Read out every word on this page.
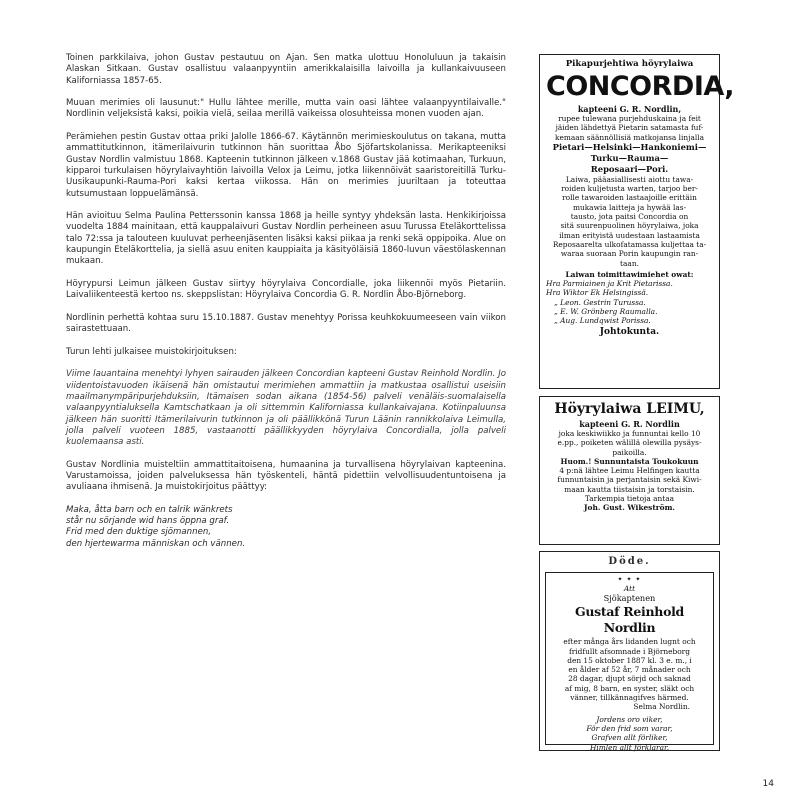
Toinen parkkilaiva, johon Gustav pestautuu on Ajan. Sen matka ulottuu Honoluluun ja takaisin Alaskan Sitkaan. Gustav osallistuu valaanpyyntiin amerikkalaisilla laivoilla ja kullankaivuuseen Kaliforniassa 1857-65.

Muuan merimies oli lausunut:" Hullu lähtee merille, mutta vain oasi lähtee valaanpyyntilaivalle." Nordlinin veljeksistä kaksi, poikia vielä, seilaa merillä vaikeissa olosuhteissa monen vuoden ajan.

Perämiehen pestin Gustav ottaa priki Jalolle 1866-67. Käytännön merimieskoulutus on takana, mutta ammattitutkinnon, itämerilaivurin tutkinnon hän suorittaa Åbo Sjöfartskolanissa. Merikapteeniksi Gustav Nordlin valmistuu 1868. Kapteenin tutkinnon jälkeen v.1868 Gustav jää kotimaahan, Turkuun, kipparoi turkulaisen höyrylaivayhtiön laivoilla Velox ja Leimu, jotka liikennöivät saaristoreitillä Turku-Uusikaupunki-Rauma-Pori kaksi kertaa viikossa. Hän on merimies juuriltaan ja toteuttaa kutsumustaan loppuelämänsä.

Hän avioituu Selma Paulina Petterssonin kanssa 1868 ja heille syntyy yhdeksän lasta. Henkikirjoissa vuodelta 1884 mainitaan, että kauppalaivuri Gustav Nordlin perheineen asuu Turussa Eteläkorttelissa talo 72:ssa ja talouteen kuuluvat perheenjäsenten lisäksi kaksi piikaa ja renki sekä oppipoika. Alue on kaupungin Eteläkorttelia, ja siellä asuu eniten kauppiaita ja käsityöläisiä 1860-luvun väestölaskennan mukaan.

Höyrypursi Leimun jälkeen Gustav siirtyy höyrylaiva Concordialle, joka liikennöi myös Pietariin. Laivaliikenteestä kertoo ns. skeppslistan: Höyrylaiva Concordia G. R. Nordlin Åbo-Björneborg.

Nordlinin perhettä kohtaa suru 15.10.1887. Gustav menehtyy Porissa keuhkokuumeeseen vain viikon sairastettuaan.

Turun lehti julkaisee muistokirjoituksen:

Viime lauantaina menehtyi lyhyen sairauden jälkeen Concordian kapteeni Gustav Reinhold Nordlin. Jo viidentoistavuoden ikäisenä hän omistautui merimiehen ammattiin ja matkustaa osallistui useisiin maailmanympäripurjehduksiin, Itämaisen sodan aikana (1854-56) palveli venäläis-suomalaisella valaanpyyntialuksella Kamtschatkaan ja oli sittemmin Kaliforniassa kullankaivajana. Kotiinpaluunsa jälkeen hän suoritti Itämerilaivurin tutkinnon ja oli päällikkönä Turun Läänin rannikkolaiva Leimulla, jolla palveli vuoteen 1885, vastaanotti päällikkyyden höyrylaiva Concordialla, jolla palveli kuolemaansa asti.

Gustav Nordlinia muisteltiin ammattitaitoisena, humaanina ja turvallisena höyrylaivan kapteenina. Varustamoissa, joiden palveluksessa hän työskenteli, häntä pidettiin velvollisuudentuntoisena ja avuliaana ihmisenä. Ja muistokirjoitus päättyy:

Maka, åtta barn och en talrik wänkrets
står nu sörjande wid hans öppna graf.
Frid med den duktige sjömannen,
den hjertewarma människan och vännen.
Pikapurjehtiwa höyrylaiwa
CONCORDIA,
kapteeni G. R. Nordlin,
rupee tulewana purjehduskaina ja feit
jäiden lähdettyä Pietarin satamasta fuf-
kemaan säännöllisiä matkojansa linjalla
Pietari—Helsinki—Hankoniemi—Turku—Rauma—
Reposaari—Pori.
Laiwa, pääasiallisesti aiottu tawa-
roiden kuljetusta warten, tarjoo ber-
rolle tawaroiden lastaajoille erittäin
mukawia laitteja ja hywää las-
tausto, jota paitsi Concordia on
sitä suurenpuolinen höyrylaiwa, joka
ilman erityistä uudestaan lastaamista
Reposaarelta ulkofatamassa kuljettaa ta-
waraa suoraan Porin kaupungin ran-
taan.
Laiwan toimittawimiehet owat:
Hra Parmiainen ja Krit Pietarissa.
Hra Wiktor Ek Helsingissä.
„ Leon. Gestrin Turussa.
„ E. W. Grönberg Raumalla.
„ Aug. Lundqwist Porissa.
Johtokunta.
Höyrylaiwa LEIMU,
kapteeni G. R. Nordlin
joka keskiwiikko ja funnuntai kello 10
e.pp., poiketen wälillä olewilla pysäys-
paikoilla.
Huom.! Sunnuntaista Toukokuun
4 p:nä lähtee Leimu Helfingen kautta
funnuntaisin ja perjantaisin sekä Kiwi-
maan kautta tiistaisin ja torstaisin.
Tarkempia tietoja antaa
Joh. Gust. Wikeström.
Döde.
✦ ✦ ✦
Att
Sjökaptenen
Gustaf Reinhold Nordlin
efter många års lidanden lugnt och
fridfullt afsomnade i Björneborg
den 15 oktober 1887 kl. 3 e. m., i
en ålder af 52 år, 7 månader och
28 dagar, djupt sörjd och saknad
af mig, 8 barn, en syster, släkt och
vänner, tillkännagifves härmed.
Selma Nordlin.
Jordens oro viker,
För den frid som varar,
Grafven allt förliker,
Himlen allt förklarar.
14
